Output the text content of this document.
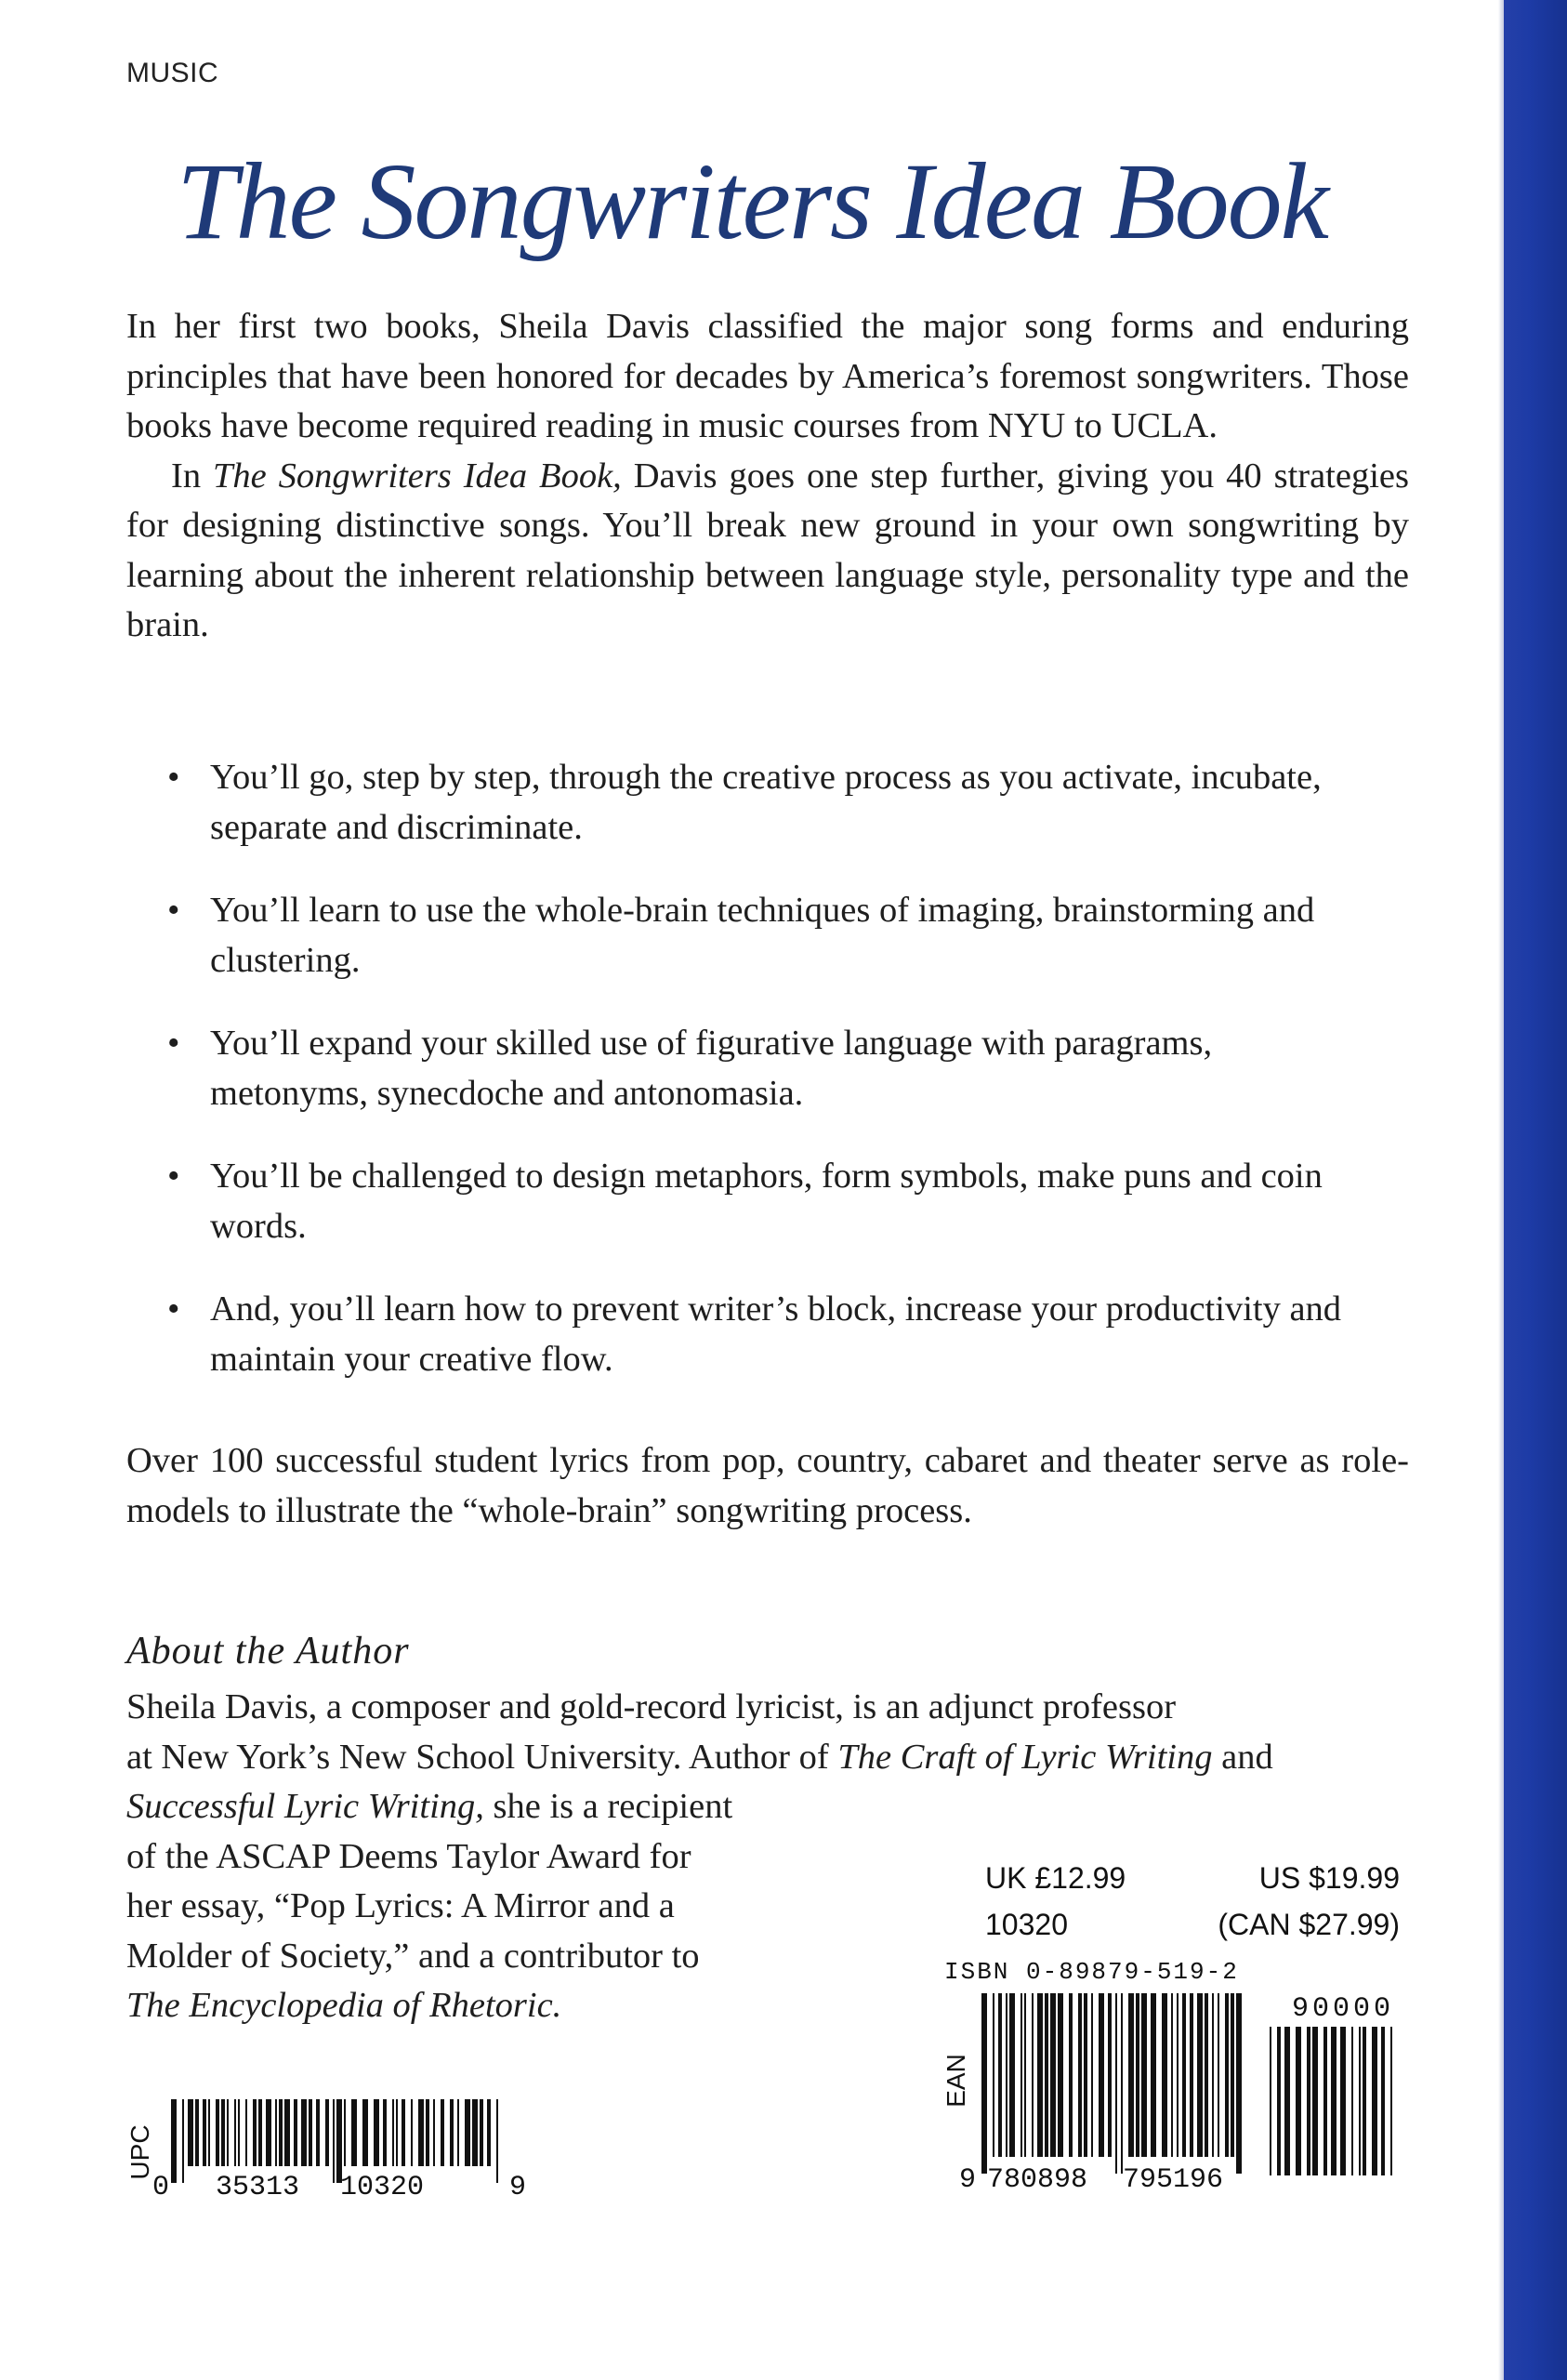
MUSIC
The Songwriters Idea Book

In her first two books, Sheila Davis classified the major song forms and enduring principles that have been honored for decades by America’s foremost songwriters. Those books have become required reading in music courses from NYU to UCLA.

In The Songwriters Idea Book, Davis goes one step further, giving you 40 strategies for designing distinctive songs. You’ll break new ground in your own songwriting by learning about the inherent relationship between language style, personality type and the brain.

• You’ll go, step by step, through the creative process as you activate, incubate, separate and discriminate.
• You’ll learn to use the whole-brain techniques of imaging, brainstorming and clustering.
• You’ll expand your skilled use of figurative language with paragrams, metonyms, synecdoche and antonomasia.
• You’ll be challenged to design metaphors, form symbols, make puns and coin words.
• And, you’ll learn how to prevent writer’s block, increase your productivity and maintain your creative flow.
Over 100 successful student lyrics from pop, country, cabaret and theater serve as role-models to illustrate the “whole-brain” songwriting process.
About the Author
Sheila Davis, a composer and gold-record lyricist, is an adjunct professor
at New York’s New School University. Author of The Craft of Lyric Writing and
Successful Lyric Writing, she is a recipient
of the ASCAP Deems Taylor Award for
her essay, “Pop Lyrics: A Mirror and a
Molder of Society,” and a contributor to
The Encyclopedia of Rhetoric.
UK £12.99	US $19.99
10320	(CAN $27.99)
ISBN 0-89879-519-2
UPC
0 35313 10320	9
EAN
90000
9 780898 795196
